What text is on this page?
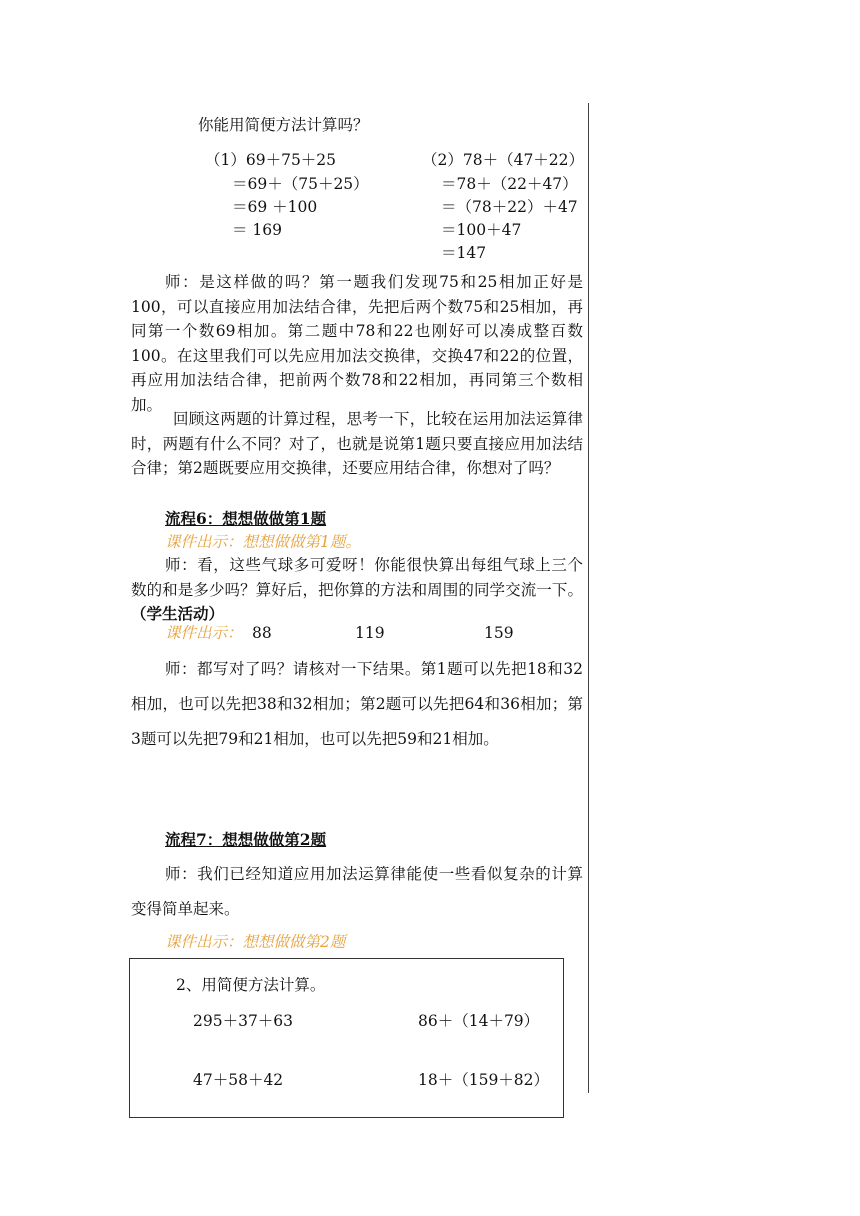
你能用简便方法计算吗？
（1）69＋75＋25
＝69＋（75＋25）
＝69 ＋100
＝ 169
（2）78＋（47＋22）
＝78＋（22＋47）
＝（78＋22）＋47
＝100＋47
＝147
师：是这样做的吗？第一题我们发现75和25相加正好是100，可以直接应用加法结合律，先把后两个数75和25相加，再同第一个数69相加。第二题中78和22也刚好可以凑成整百数100。在这里我们可以先应用加法交换律，交换47和22的位置，再应用加法结合律，把前两个数78和22相加，再同第三个数相加。
回顾这两题的计算过程，思考一下，比较在运用加法运算律时，两题有什么不同？对了，也就是说第1题只要直接应用加法结合律；第2题既要应用交换律，还要应用结合律，你想对了吗？
流程6：想想做做第1题
课件出示：想想做做第1题。
师：看，这些气球多可爱呀！你能很快算出每组气球上三个数的和是多少吗？算好后，把你算的方法和周围的同学交流一下。（学生活动）
课件出示： 88	119	159
师：都写对了吗？请核对一下结果。第1题可以先把18和32相加，也可以先把38和32相加；第2题可以先把64和36相加；第3题可以先把79和21相加，也可以先把59和21相加。
流程7：想想做做第2题
师：我们已经知道应用加法运算律能使一些看似复杂的计算变得简单起来。
课件出示：想想做做第2题
2、用简便方法计算。
295＋37＋63	86＋（14＋79）
47＋58＋42	18＋（159＋82）
